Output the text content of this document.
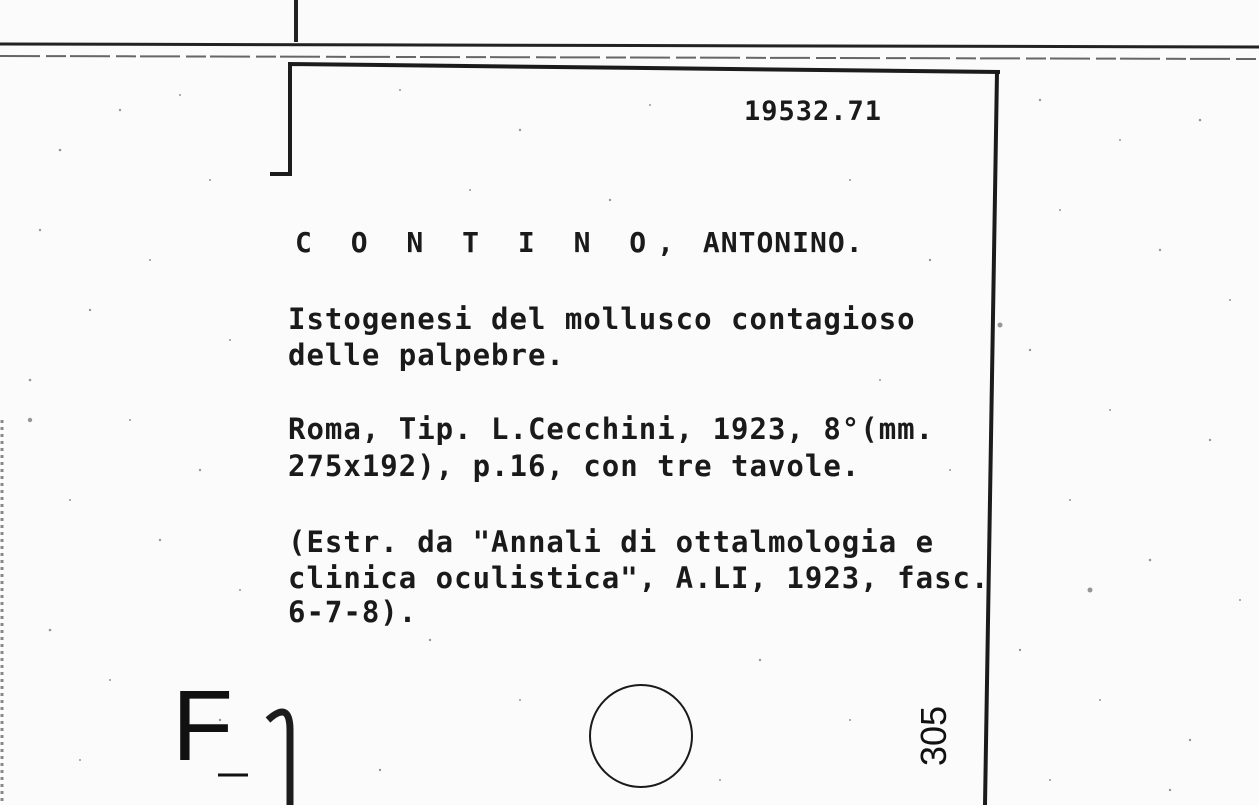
19532.71
C O N T I N O, ANTONINO.
Istogenesi del mollusco contagioso
delle palpebre.
Roma, Tip. L.Cecchini, 1923, 8°(mm.
275x192), p.16, con tre tavole.
(Estr. da "Annali di ottalmologia e
clinica oculistica", A.LI, 1923, fasc.
6-7-8).
F	305
